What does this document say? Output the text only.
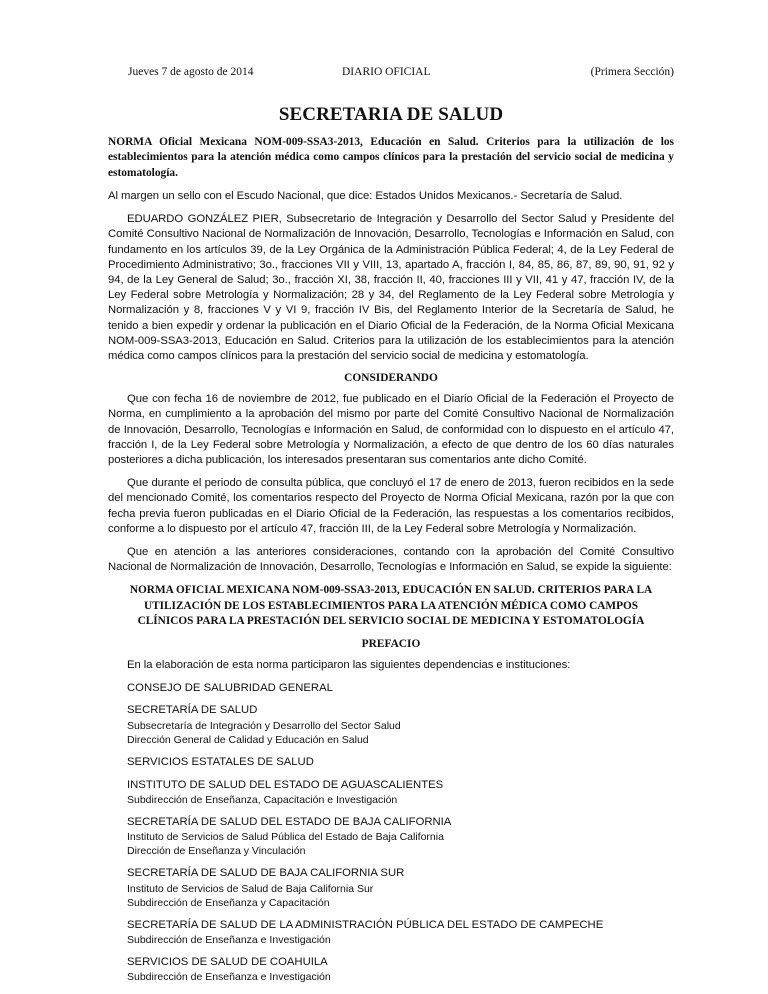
Jueves 7 de agosto de 2014	DIARIO OFICIAL	(Primera Sección)
SECRETARIA DE SALUD
NORMA Oficial Mexicana NOM-009-SSA3-2013, Educación en Salud. Criterios para la utilización de los establecimientos para la atención médica como campos clínicos para la prestación del servicio social de medicina y estomatología.

Al margen un sello con el Escudo Nacional, que dice: Estados Unidos Mexicanos.- Secretaría de Salud.

EDUARDO GONZÁLEZ PIER, Subsecretario de Integración y Desarrollo del Sector Salud y Presidente del Comité Consultivo Nacional de Normalización de Innovación, Desarrollo, Tecnologías e Información en Salud, con fundamento en los artículos 39, de la Ley Orgánica de la Administración Pública Federal; 4, de la Ley Federal de Procedimiento Administrativo; 3o., fracciones VII y VIII, 13, apartado A, fracción I, 84, 85, 86, 87, 89, 90, 91, 92 y 94, de la Ley General de Salud; 3o., fracción XI, 38, fracción II, 40, fracciones III y VII, 41 y 47, fracción IV, de la Ley Federal sobre Metrología y Normalización; 28 y 34, del Reglamento de la Ley Federal sobre Metrología y Normalización y 8, fracciones V y VI 9, fracción IV Bis, del Reglamento Interior de la Secretaría de Salud, he tenido a bien expedir y ordenar la publicación en el Diario Oficial de la Federación, de la Norma Oficial Mexicana NOM-009-SSA3-2013, Educación en Salud. Criterios para la utilización de los establecimientos para la atención médica como campos clínicos para la prestación del servicio social de medicina y estomatología.

CONSIDERANDO

Que con fecha 16 de noviembre de 2012, fue publicado en el Diario Oficial de la Federación el Proyecto de Norma, en cumplimiento a la aprobación del mismo por parte del Comité Consultivo Nacional de Normalización de Innovación, Desarrollo, Tecnologías e Información en Salud, de conformidad con lo dispuesto en el artículo 47, fracción I, de la Ley Federal sobre Metrología y Normalización, a efecto de que dentro de los 60 días naturales posteriores a dicha publicación, los interesados presentaran sus comentarios ante dicho Comité.

Que durante el periodo de consulta pública, que concluyó el 17 de enero de 2013, fueron recibidos en la sede del mencionado Comité, los comentarios respecto del Proyecto de Norma Oficial Mexicana, razón por la que con fecha previa fueron publicadas en el Diario Oficial de la Federación, las respuestas a los comentarios recibidos, conforme a lo dispuesto por el artículo 47, fracción III, de la Ley Federal sobre Metrología y Normalización.

Que en atención a las anteriores consideraciones, contando con la aprobación del Comité Consultivo Nacional de Normalización de Innovación, Desarrollo, Tecnologías e Información en Salud, se expide la siguiente:

NORMA OFICIAL MEXICANA NOM-009-SSA3-2013, EDUCACIÓN EN SALUD. CRITERIOS PARA LA UTILIZACIÓN DE LOS ESTABLECIMIENTOS PARA LA ATENCIÓN MÉDICA COMO CAMPOS CLÍNICOS PARA LA PRESTACIÓN DEL SERVICIO SOCIAL DE MEDICINA Y ESTOMATOLOGÍA
PREFACIO

En la elaboración de esta norma participaron las siguientes dependencias e instituciones:

CONSEJO DE SALUBRIDAD GENERAL
SECRETARÍA DE SALUD
Subsecretaría de Integración y Desarrollo del Sector Salud
Dirección General de Calidad y Educación en Salud
SERVICIOS ESTATALES DE SALUD
INSTITUTO DE SALUD DEL ESTADO DE AGUASCALIENTES
Subdirección de Enseñanza, Capacitación e Investigación
SECRETARÍA DE SALUD DEL ESTADO DE BAJA CALIFORNIA
Instituto de Servicios de Salud Pública del Estado de Baja California
Dirección de Enseñanza y Vinculación
SECRETARÍA DE SALUD DE BAJA CALIFORNIA SUR
Instituto de Servicios de Salud de Baja California Sur
Subdirección de Enseñanza y Capacitación
SECRETARÍA DE SALUD DE LA ADMINISTRACIÓN PÚBLICA DEL ESTADO DE CAMPECHE
Subdirección de Enseñanza e Investigación
SERVICIOS DE SALUD DE COAHUILA
Subdirección de Enseñanza e Investigación
